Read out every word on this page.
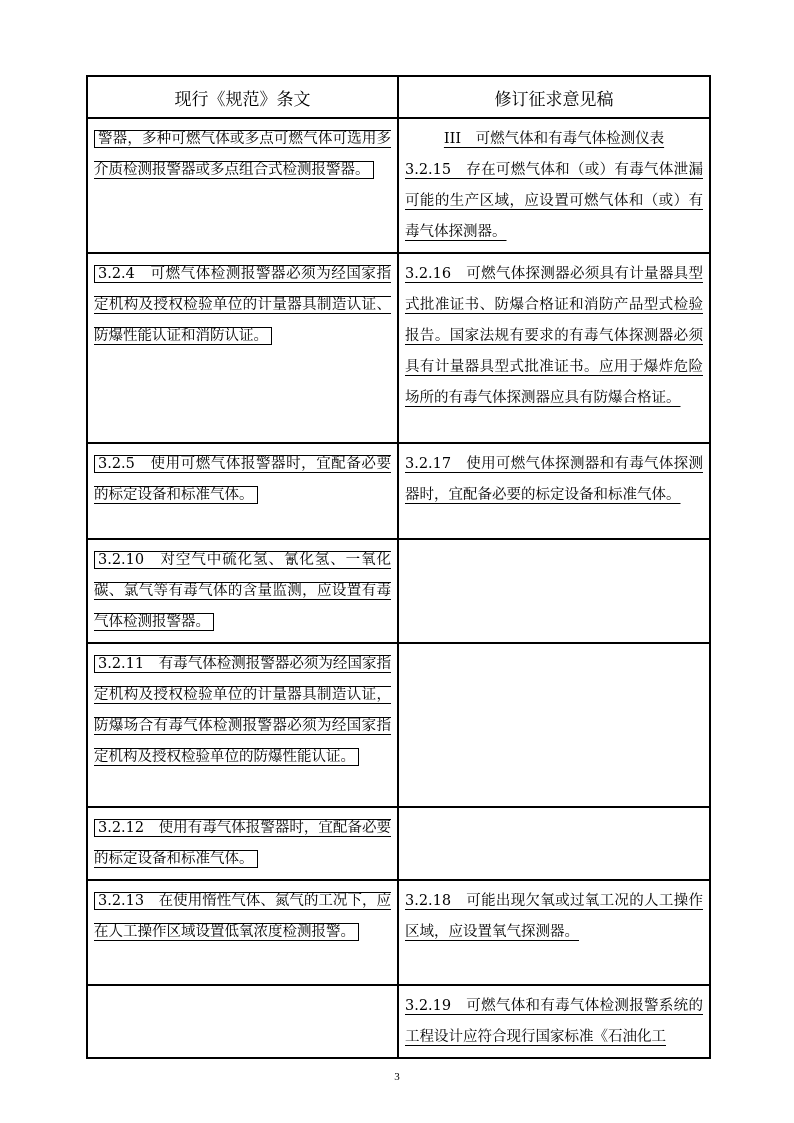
现行《规范》条文	修订征求意见稿

警器，多种可燃气体或多点可燃气体可选用多介质检测报警器或多点组合式检测报警器。	III　可燃气体和有毒气体检测仪表
3.2.15　存在可燃气体和（或）有毒气体泄漏可能的生产区域，应设置可燃气体和（或）有毒气体探测器。

3.2.4　可燃气体检测报警器必须为经国家指定机构及授权检验单位的计量器具制造认证、防爆性能认证和消防认证。	3.2.16　可燃气体探测器必须具有计量器具型式批准证书、防爆合格证和消防产品型式检验报告。国家法规有要求的有毒气体探测器必须具有计量器具型式批准证书。应用于爆炸危险场所的有毒气体探测器应具有防爆合格证。

3.2.5　使用可燃气体报警器时，宜配备必要的标定设备和标准气体。	3.2.17　使用可燃气体探测器和有毒气体探测器时，宜配备必要的标定设备和标准气体。

3.2.10　对空气中硫化氢、氰化氢、一氧化碳、氯气等有毒气体的含量监测，应设置有毒气体检测报警器。	

3.2.11　有毒气体检测报警器必须为经国家指定机构及授权检验单位的计量器具制造认证，防爆场合有毒气体检测报警器必须为经国家指定机构及授权检验单位的防爆性能认证。	

3.2.12　使用有毒气体报警器时，宜配备必要的标定设备和标准气体。	

3.2.13　在使用惰性气体、氮气的工况下，应在人工操作区域设置低氧浓度检测报警。	3.2.18　可能出现欠氧或过氧工况的人工操作区域，应设置氧气探测器。

	3.2.19　可燃气体和有毒气体检测报警系统的工程设计应符合现行国家标准《石油化工
3
